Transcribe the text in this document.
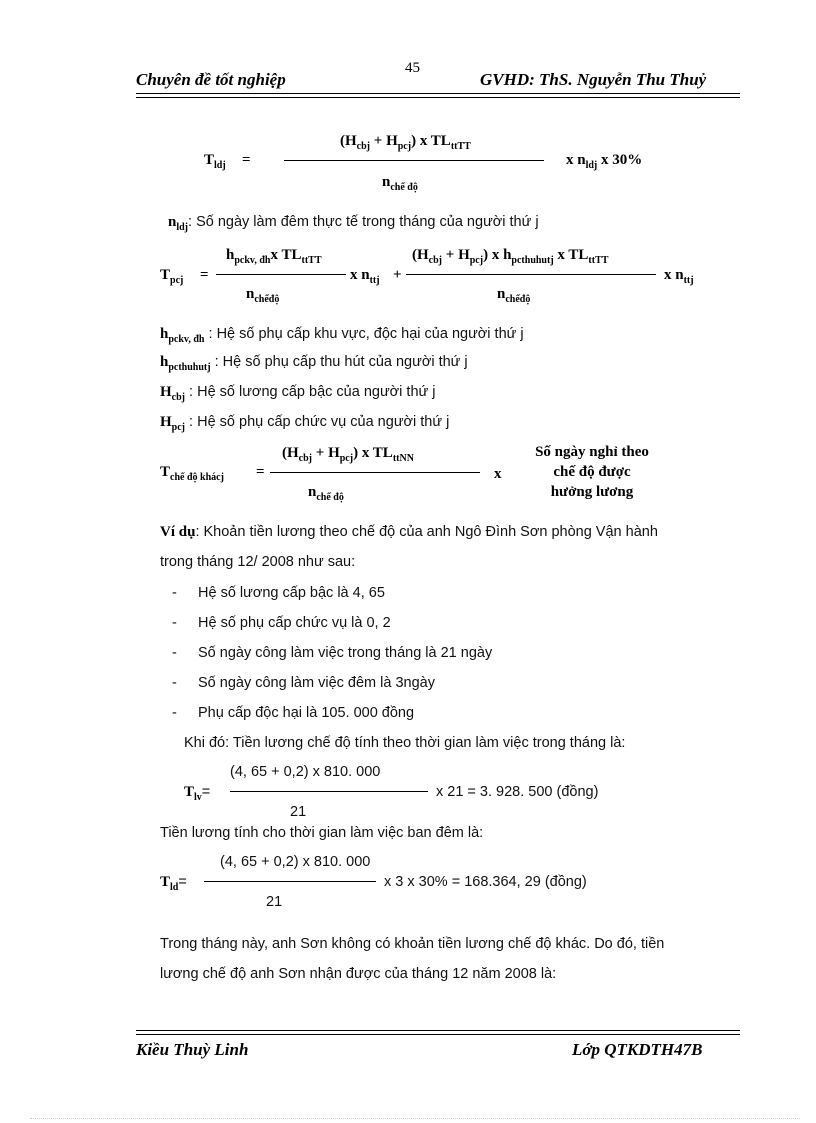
45
Chuyên đề tốt nghiệp	GVHD: ThS. Nguyễn Thu Thuỷ
$T_{ldj}$ =
$(H_{cbj} + H_{pcj})$ x $TL_{ttTT}$
$n_{chế độ}$
x $n_{ldj}$ x 30%
$n_{ldj}$: Số ngày làm đêm thực tế trong tháng của người thứ j
$T_{pcj}$ =
$h_{pckv, đh}x$ $TL_{ttTT}$
$n_{chếđộ}$
x $n_{ttj}$ +
$(H_{cbj} + H_{pcj})$ x $h_{pcthuhutj}$ x $TL_{ttTT}$
$n_{chếđộ}$
x $n_{ttj}$
$h_{pckv, đh}$ : Hệ số phụ cấp khu vực, độc hại của người thứ j
$h_{pcthuhutj}$ : Hệ số phụ cấp thu hút của người thứ j
$H_{cbj}$ : Hệ số lương cấp bậc của người thứ j
$H_{pcj}$ : Hệ số phụ cấp chức vụ của người thứ j
$T_{chế độ khácj}$ =
$(H_{cbj} + H_{pcj})$ x $TL_{ttNN}$
$n_{chế độ}$
x
Số ngày nghỉ theo
chế độ được
hưởng lương
Ví dụ: Khoản tiền lương theo chế độ của anh Ngô Đình Sơn phòng Vận hành
trong tháng 12/ 2008 như sau:
- Hệ số lương cấp bậc là 4, 65
- Hệ số phụ cấp chức vụ là 0, 2
- Số ngày công làm việc trong tháng là 21 ngày
- Số ngày công làm việc đêm là 3ngày
- Phụ cấp độc hại là 105. 000 đồng
Khi đó: Tiền lương chế độ tính theo thời gian làm việc trong tháng là:
$T_{lv}=$
(4, 65 + 0,2) x 810. 000
21
x 21 = 3. 928. 500 (đồng)
Tiền lương tính cho thời gian làm việc ban đêm là:
$T_{ld}=$
(4, 65 + 0,2) x 810. 000
21
x 3 x 30% = 168.364, 29 (đồng)
Trong tháng này, anh Sơn không có khoản tiền lương chế độ khác. Do đó, tiền
lương chế độ anh Sơn nhận được của tháng 12 năm 2008 là:
Kiều Thuỳ Linh	Lớp QTKDTH47B
